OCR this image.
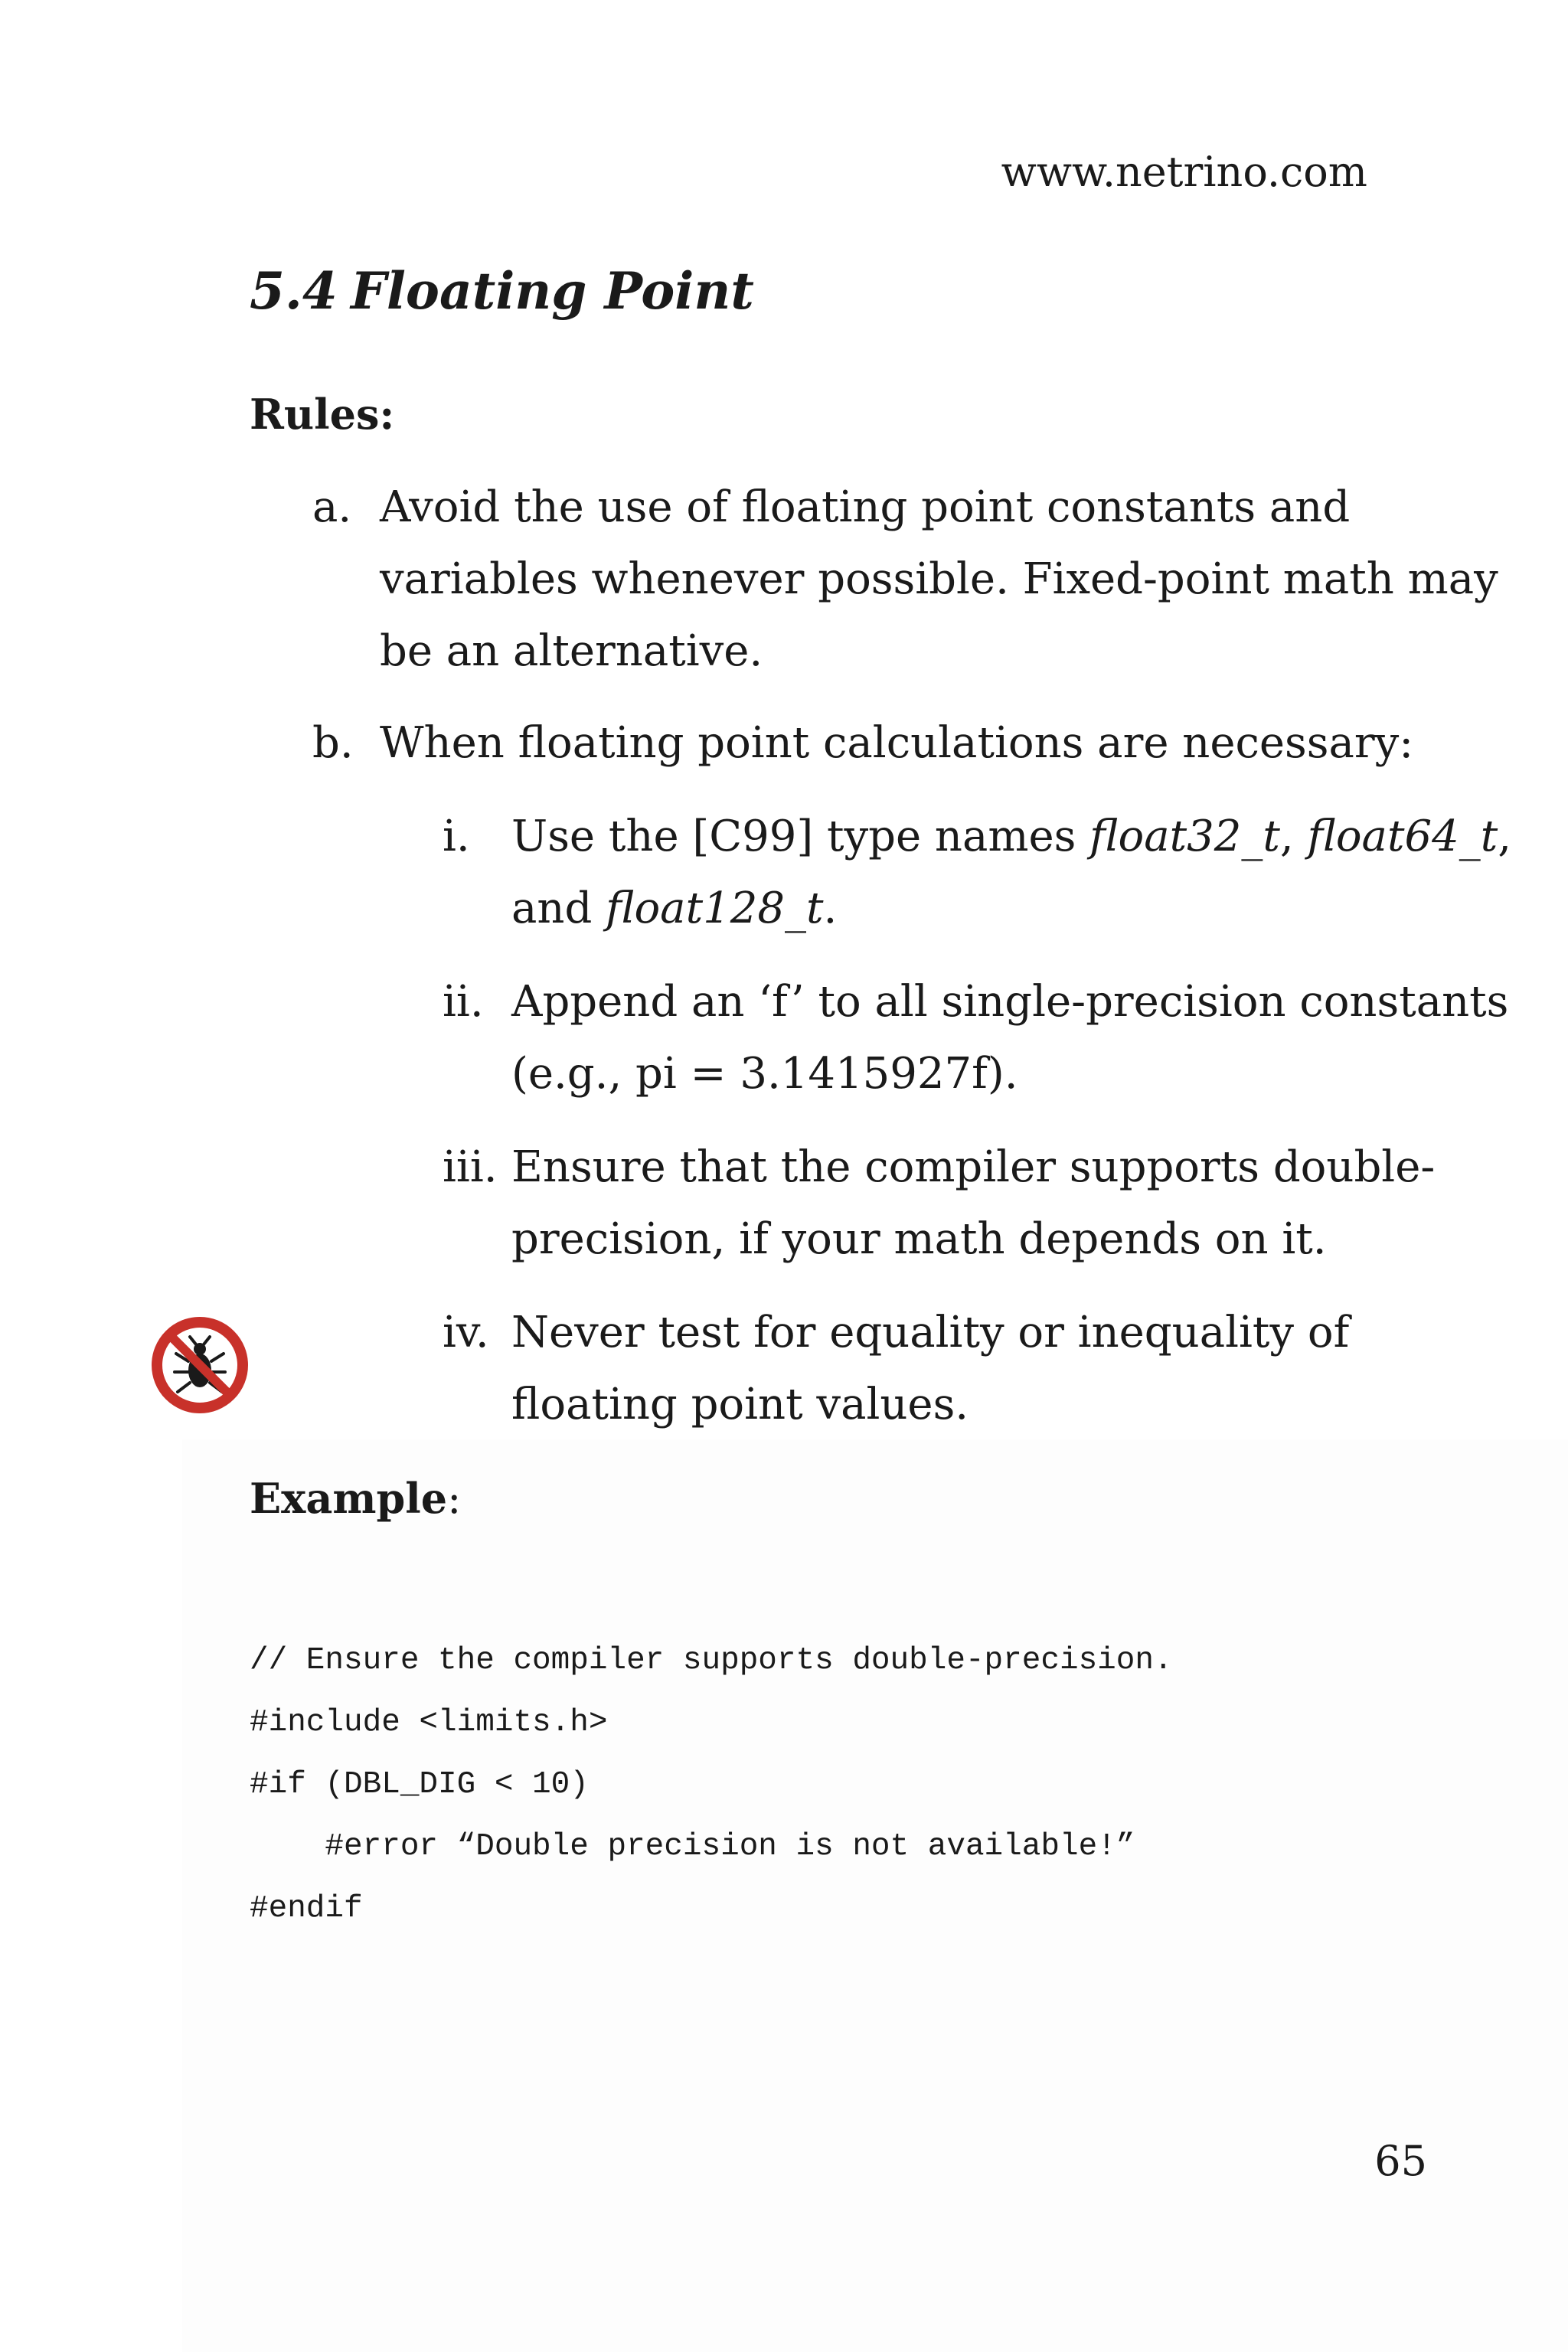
www.netrino.com
5.4 Floating Point
Rules:
a. Avoid the use of floating point constants and
variables whenever possible. Fixed-point math may
be an alternative.
b. When floating point calculations are necessary:
i. Use the [C99] type names float32_t, float64_t,
and float128_t.
ii. Append an ‘f’ to all single-precision constants
(e.g., pi = 3.1415927f).
iii. Ensure that the compiler supports double-
precision, if your math depends on it.
iv. Never test for equality or inequality of
floating point values.
Example:

// Ensure the compiler supports double-precision.
#include <limits.h>
#if (DBL_DIG < 10)
#error “Double precision is not available!”
#endif
65
